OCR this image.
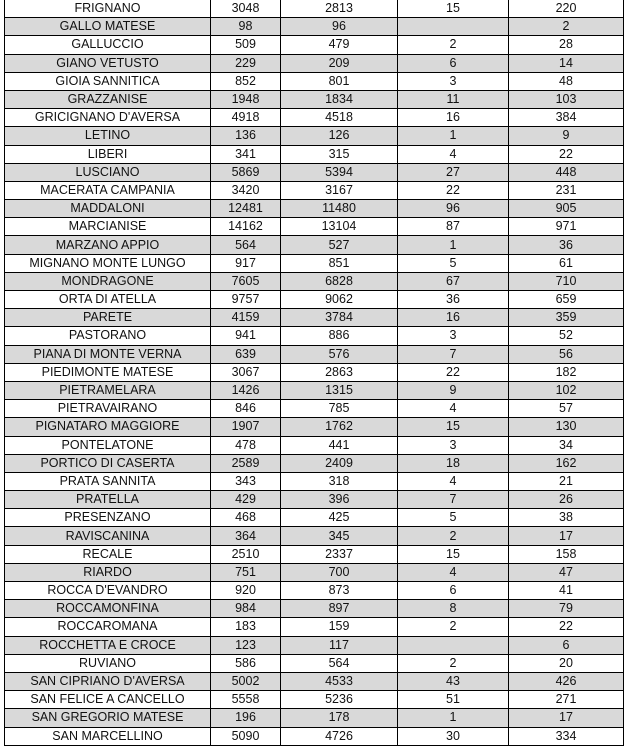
FRIGNANO	3048	2813	15	220
GALLO MATESE	98	96		2
GALLUCCIO	509	479	2	28
GIANO VETUSTO	229	209	6	14
GIOIA SANNITICA	852	801	3	48
GRAZZANISE	1948	1834	11	103
GRICIGNANO D'AVERSA	4918	4518	16	384
LETINO	136	126	1	9
LIBERI	341	315	4	22
LUSCIANO	5869	5394	27	448
MACERATA CAMPANIA	3420	3167	22	231
MADDALONI	12481	11480	96	905
MARCIANISE	14162	13104	87	971
MARZANO APPIO	564	527	1	36
MIGNANO MONTE LUNGO	917	851	5	61
MONDRAGONE	7605	6828	67	710
ORTA DI ATELLA	9757	9062	36	659
PARETE	4159	3784	16	359
PASTORANO	941	886	3	52
PIANA DI MONTE VERNA	639	576	7	56
PIEDIMONTE MATESE	3067	2863	22	182
PIETRAMELARA	1426	1315	9	102
PIETRAVAIRANO	846	785	4	57
PIGNATARO MAGGIORE	1907	1762	15	130
PONTELATONE	478	441	3	34
PORTICO DI CASERTA	2589	2409	18	162
PRATA SANNITA	343	318	4	21
PRATELLA	429	396	7	26
PRESENZANO	468	425	5	38
RAVISCANINA	364	345	2	17
RECALE	2510	2337	15	158
RIARDO	751	700	4	47
ROCCA D'EVANDRO	920	873	6	41
ROCCAMONFINA	984	897	8	79
ROCCAROMANA	183	159	2	22
ROCCHETTA E CROCE	123	117		6
RUVIANO	586	564	2	20
SAN CIPRIANO D'AVERSA	5002	4533	43	426
SAN FELICE A CANCELLO	5558	5236	51	271
SAN GREGORIO MATESE	196	178	1	17
SAN MARCELLINO	5090	4726	30	334
